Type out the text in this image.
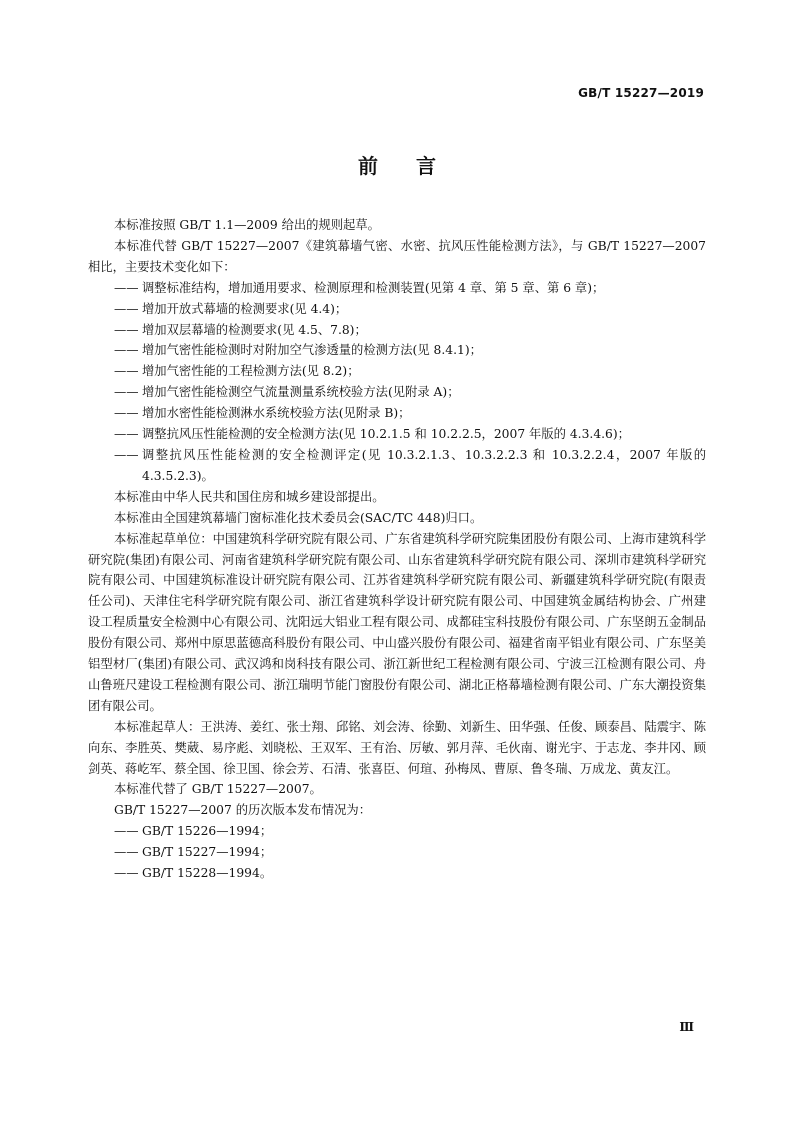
GB/T 15227—2019
前言

本标准按照 GB/T 1.1—2009 给出的规则起草。

本标准代替 GB/T 15227—2007《建筑幕墙气密、水密、抗风压性能检测方法》，与 GB/T 15227—2007 相比，主要技术变化如下：

—— 调整标准结构，增加通用要求、检测原理和检测装置(见第 4 章、第 5 章、第 6 章)；
—— 增加开放式幕墙的检测要求(见 4.4)；
—— 增加双层幕墙的检测要求(见 4.5、7.8)；
—— 增加气密性能检测时对附加空气渗透量的检测方法(见 8.4.1)；
—— 增加气密性能的工程检测方法(见 8.2)；
—— 增加气密性能检测空气流量测量系统校验方法(见附录 A)；
—— 增加水密性能检测淋水系统校验方法(见附录 B)；
—— 调整抗风压性能检测的安全检测方法(见 10.2.1.5 和 10.2.2.5，2007 年版的 4.3.4.6)；
—— 调整抗风压性能检测的安全检测评定(见 10.3.2.1.3、10.3.2.2.3 和 10.3.2.2.4，2007 年版的 4.3.5.2.3)。

本标准由中华人民共和国住房和城乡建设部提出。

本标准由全国建筑幕墙门窗标准化技术委员会(SAC/TC 448)归口。

本标准起草单位：中国建筑科学研究院有限公司、广东省建筑科学研究院集团股份有限公司、上海市建筑科学研究院(集团)有限公司、河南省建筑科学研究院有限公司、山东省建筑科学研究院有限公司、深圳市建筑科学研究院有限公司、中国建筑标准设计研究院有限公司、江苏省建筑科学研究院有限公司、新疆建筑科学研究院(有限责任公司)、天津住宅科学研究院有限公司、浙江省建筑科学设计研究院有限公司、中国建筑金属结构协会、广州建设工程质量安全检测中心有限公司、沈阳远大铝业工程有限公司、成都硅宝科技股份有限公司、广东坚朗五金制品股份有限公司、郑州中原思蓝德高科股份有限公司、中山盛兴股份有限公司、福建省南平铝业有限公司、广东坚美铝型材厂(集团)有限公司、武汉鸿和岗科技有限公司、浙江新世纪工程检测有限公司、宁波三江检测有限公司、舟山鲁班尺建设工程检测有限公司、浙江瑞明节能门窗股份有限公司、湖北正格幕墙检测有限公司、广东大潮投资集团有限公司。

本标准起草人：王洪涛、姜红、张士翔、邱铭、刘会涛、徐勤、刘新生、田华强、任俊、顾泰昌、陆震宇、陈向东、李胜英、樊葳、易序彪、刘晓松、王双军、王有治、厉敏、郭月萍、毛伙南、谢光宇、于志龙、李井冈、顾剑英、蒋屹军、蔡全国、徐卫国、徐会芳、石清、张喜臣、何瑄、孙梅凤、曹原、鲁冬瑞、万成龙、黄友江。

本标准代替了 GB/T 15227—2007。

GB/T 15227—2007 的历次版本发布情况为：

—— GB/T 15226—1994；
—— GB/T 15227—1994；
—— GB/T 15228—1994。
Ⅲ
